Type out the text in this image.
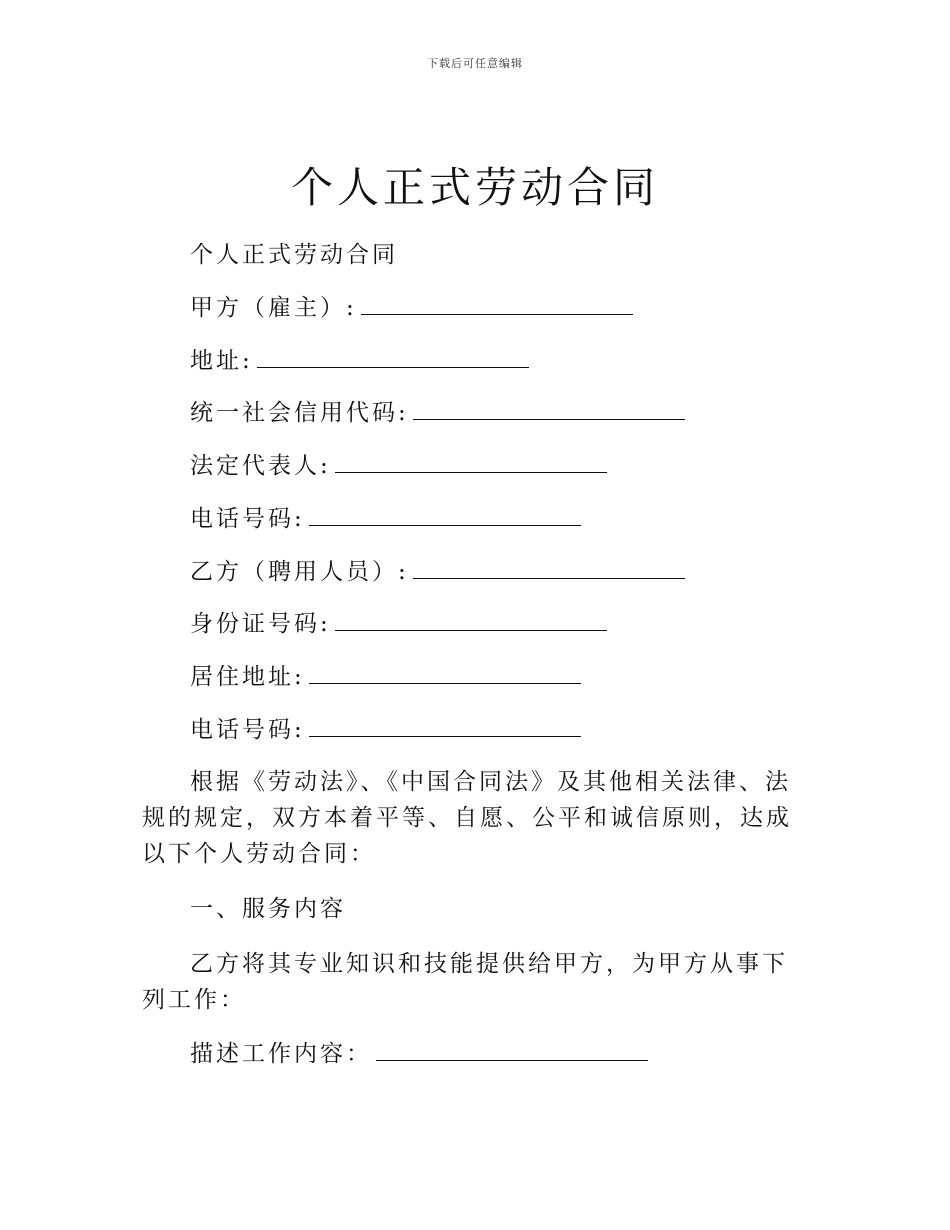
下载后可任意编辑
个人正式劳动合同
个人正式劳动合同
甲方（雇主）:
地址:
统一社会信用代码:
法定代表人:
电话号码:
乙方（聘用人员）:
身份证号码:
居住地址:
电话号码:

根据《劳动法》、《中国合同法》及其他相关法律、法规的规定，双方本着平等、自愿、公平和诚信原则，达成以下个人劳动合同：

一、服务内容

乙方将其专业知识和技能提供给甲方，为甲方从事下列工作：

描述工作内容：
